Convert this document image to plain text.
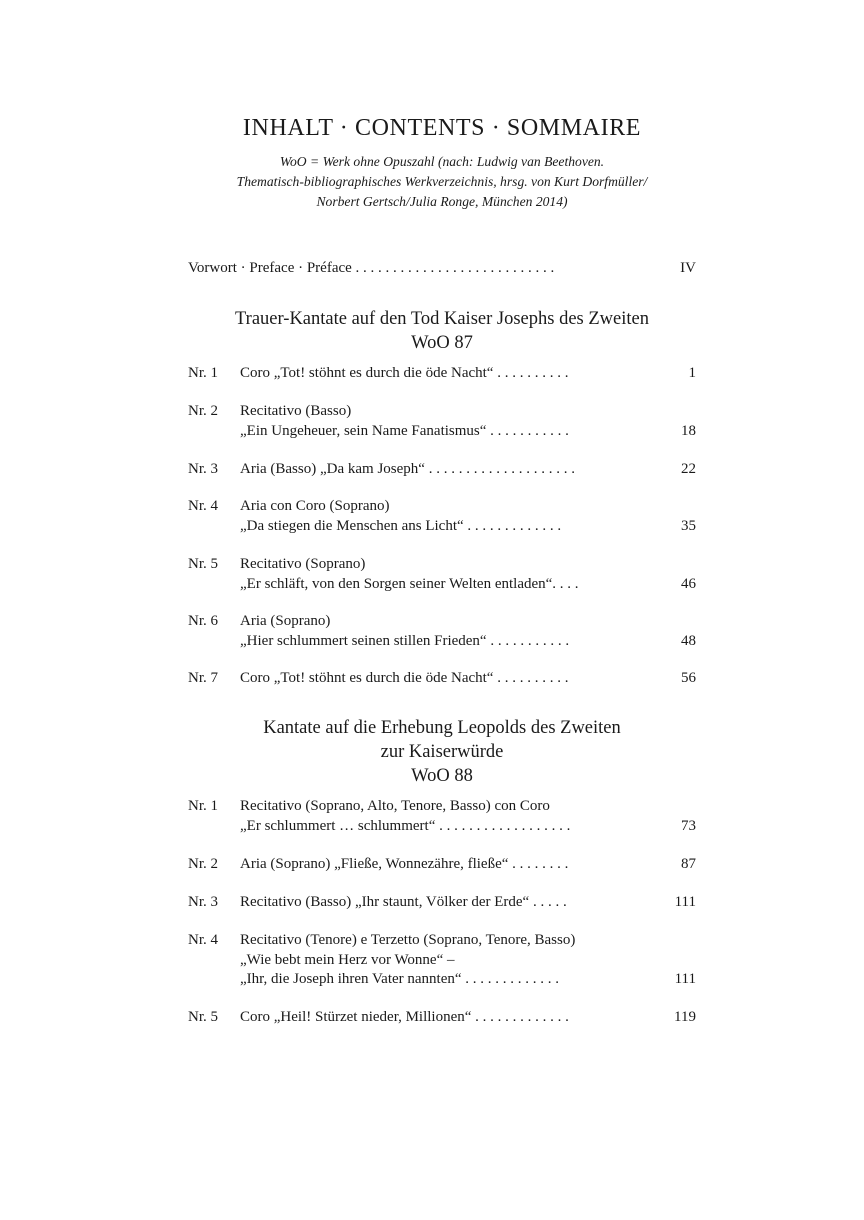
INHALT · CONTENTS · SOMMAIRE
WoO = Werk ohne Opuszahl (nach: Ludwig van Beethoven.
Thematisch-bibliographisches Werkverzeichnis, hrsg. von Kurt Dorfmüller/
Norbert Gertsch/Julia Ronge, München 2014)
Vorwort · Preface · Préface . . . . . . . . . . . . . . . . . . . . . . . . . . .	IV
Trauer-Kantate auf den Tod Kaiser Josephs des Zweiten
WoO 87
Nr. 1 Coro „Tot! stöhnt es durch die öde Nacht“ . . . . . . . . . .	1
Nr. 2 Recitativo (Basso)
„Ein Ungeheuer, sein Name Fanatismus“ . . . . . . . . . . .	18
Nr. 3 Aria (Basso) „Da kam Joseph“ . . . . . . . . . . . . . . . . . . . .	22
Nr. 4 Aria con Coro (Soprano)
„Da stiegen die Menschen ans Licht“ . . . . . . . . . . . . .	35
Nr. 5 Recitativo (Soprano)
„Er schläft, von den Sorgen seiner Welten entladen“. . . .	46
Nr. 6 Aria (Soprano)
„Hier schlummert seinen stillen Frieden“ . . . . . . . . . . .	48
Nr. 7 Coro „Tot! stöhnt es durch die öde Nacht“ . . . . . . . . . .	56
Kantate auf die Erhebung Leopolds des Zweiten
zur Kaiserwürde
WoO 88
Nr. 1 Recitativo (Soprano, Alto, Tenore, Basso) con Coro
„Er schlummert … schlummert“ . . . . . . . . . . . . . . . . . .	73
Nr. 2 Aria (Soprano) „Fließe, Wonnezähre, fließe“ . . . . . . . .	87
Nr. 3 Recitativo (Basso) „Ihr staunt, Völker der Erde“ . . . . .	111
Nr. 4 Recitativo (Tenore) e Terzetto (Soprano, Tenore, Basso)
„Wie bebt mein Herz vor Wonne“ –
„Ihr, die Joseph ihren Vater nannten“ . . . . . . . . . . . . .	111
Nr. 5 Coro „Heil! Stürzet nieder, Millionen“ . . . . . . . . . . . . .	119
